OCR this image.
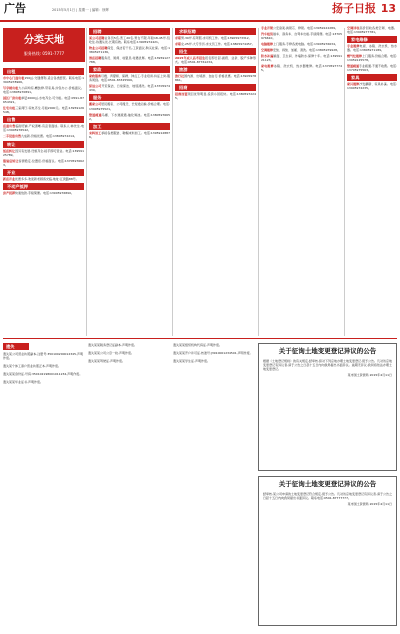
广告	2015年5月1日 | 星期一 | 编辑：徐辉	扬子日报 13
分类天地
服务热线: 0591-7777
出租
市中心门面出租150㎡,交通便利,适合各类经营。联系电话:13905978966。
写字楼出租大小间均有,精装修,带家具,拎包办公,价格面议。电话:13805970891。
园区厂房出租单层2000㎡,水电齐全,可分租。电话:0591-87654321。
住宅出租三室两厅,家电齐全,月租2000元。电话:13959126548。
出售
店面出售临街旺铺,产权清晰,有意者面谈。联系人:林先生,电话:13905976542。
二手设备出售九成新,价格优惠。电话:13805972214。
转让
饭店转让因另有发展,设施齐全,接手即可营业。电话:13959125789。
服装店转让客源稳定,位置佳,价格面议。电话:13705976623。
开业
新店开业优惠多多,欢迎新老顾客光临,地址:江滨路88号。
不动产抵押
房产抵押快速放款,手续简便。电话:13905976890。
招聘
某公司招聘业务员5名,普工20名,男女不限,年龄18-45岁,包吃住,待遇从优,长期有效。联系电话:13905974421。
物业公司招聘保安、保洁若干名,工资面议,购买社保。电话:13805971136。
酒店招聘服务员、厨师、收银员,待遇优厚。电话:13959127788。
家政
家政服务月嫂、育婴师、保姆、钟点工,专业培训,持证上岗,服务周到。电话:0591-83325566。
保洁公司开荒保洁、日常保洁、地毯清洗。电话:13705974430。
服务
搬家公司居民搬家、公司搬迁、长短途运输,价格合理。电话:13905975521。
管道疏通马桶、下水道疏通,抽化粪池。电话:13805976652。
加工
来料加工承接各类服装、鞋帽来料加工。电话:13959128876。
求职招聘
求职男,30岁,有驾照,求司机工作。电话:13905973312。
求职女,25岁,大专学历,求文员工作。电话:13805974457。
招生
2015年成人高考招生报名即日起,函授、业余、脱产多种形式。电话:0591-87761234。
旅游
旅行社国内游、出境游、自由行,价格优惠。电话:13905978861。
招商
招商加盟项目优势明显,投资小回报快。电话:13805972245。
专业开锁公安备案,换锁芯、修锁。电话:13959122289。
汽车租赁婚车、商务车、自驾车出租,手续简便。电话:13705976610。
电脑维修上门服务,专修各类电脑。电话:13905976634。
空调维修安装、拆装、加氟、清洗。电话:13805979928。
防水补漏屋面、卫生间、外墙防水,保修十年。电话:13959121123。
家电维修冰箱、洗衣机、热水器维修。电话:13705977745。
空调回收高价回收各类空调、电器。电话:13905977781。
家电维修
专业维修电视、冰箱、洗衣机、热水器。电话:13805971189。
燃气灶维修上门服务,价格合理。电话:13959125578。
管道疏通专业疏通,不通不收费。电话:13705975563。
家具
家具维修沙发翻新、家具补漆。电话:13905972235。
遗失
遗失某公司营业执照副本,注册号:350100200012345,声明作废。
遗失某个体工商户营业执照正本,声明作废。
遗失某某身份证,号码:350102198001011234,声明作废。
遗失某某毕业证书,声明作废。
遗失某某税务登记证副本,声明作废。
遗失某某公司公章一枚,声明作废。
遗失某某驾驶证,声明作废。
遗失某某组织机构代码证,声明作废。
遗失某某开户许可证,核准号:J3910001234501,声明作废。
遗失某某学生证,声明作废。
关于征询土地变更登记异议的公告
根据《土地登记规则》的有关规定,经审核,拟对下列宗地办理土地变更登记,现予公告。凡对该宗地变更登记有异议者,请于公告之日起十五日内向我局提出书面异议。逾期无异议,我局将依法办理土地变更登记。
某市国土资源局 2015年4月11日
关于征询土地变更登记异议的公告
经审核,某公司申请的土地变更登记符合规定,现予公告。凡对该宗地变更登记有异议者,请于公告之日起十五日内向我局提出书面异议。联系电话:0591-87777777。
某市国土资源局 2015年4月11日
